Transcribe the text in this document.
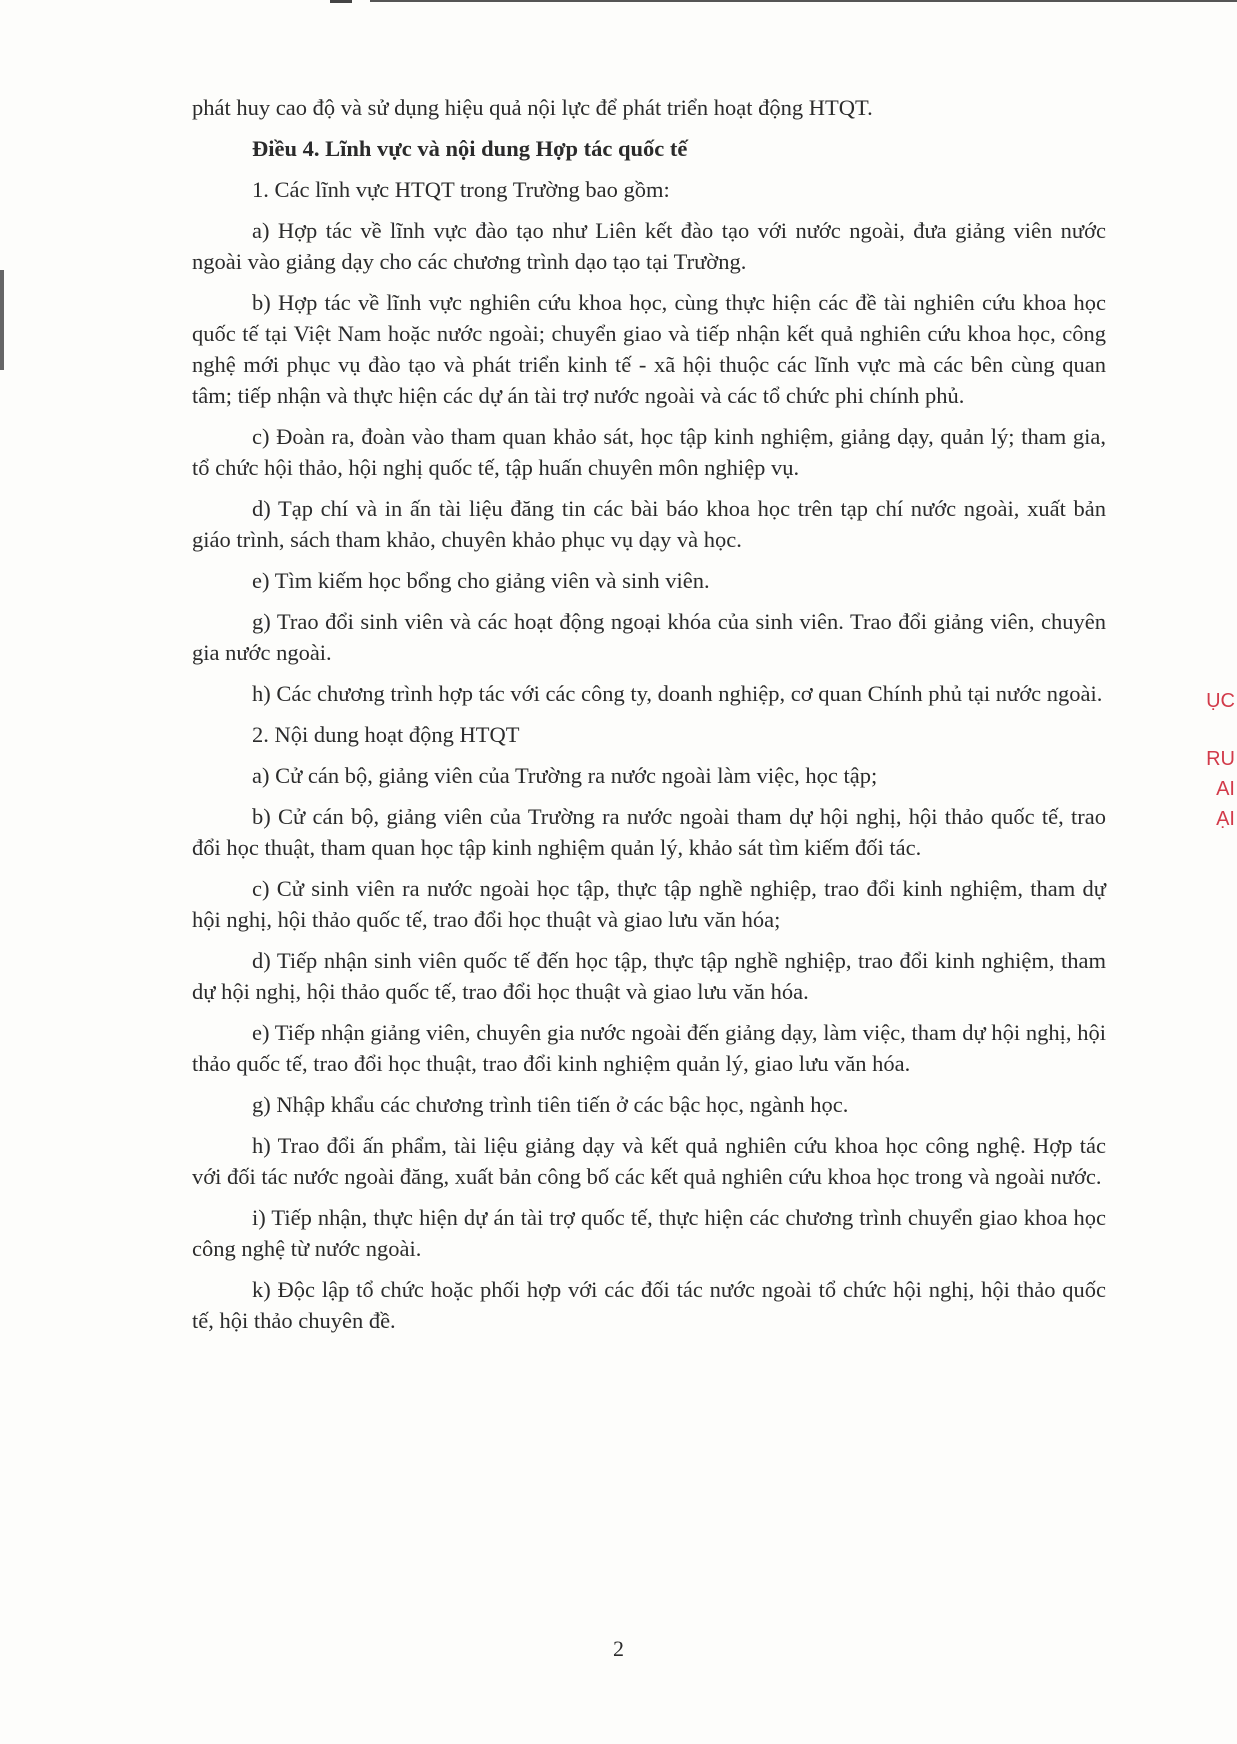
phát huy cao độ và sử dụng hiệu quả nội lực để phát triển hoạt động HTQT.

Điều 4. Lĩnh vực và nội dung Hợp tác quốc tế

1. Các lĩnh vực HTQT trong Trường bao gồm:

a) Hợp tác về lĩnh vực đào tạo như Liên kết đào tạo với nước ngoài, đưa giảng viên nước ngoài vào giảng dạy cho các chương trình dạo tạo tại Trường.

b) Hợp tác về lĩnh vực nghiên cứu khoa học, cùng thực hiện các đề tài nghiên cứu khoa học quốc tế tại Việt Nam hoặc nước ngoài; chuyển giao và tiếp nhận kết quả nghiên cứu khoa học, công nghệ mới phục vụ đào tạo và phát triển kinh tế - xã hội thuộc các lĩnh vực mà các bên cùng quan tâm; tiếp nhận và thực hiện các dự án tài trợ nước ngoài và các tổ chức phi chính phủ.

c) Đoàn ra, đoàn vào tham quan khảo sát, học tập kinh nghiệm, giảng dạy, quản lý; tham gia, tổ chức hội thảo, hội nghị quốc tế, tập huấn chuyên môn nghiệp vụ.

d) Tạp chí và in ấn tài liệu đăng tin các bài báo khoa học trên tạp chí nước ngoài, xuất bản giáo trình, sách tham khảo, chuyên khảo phục vụ dạy và học.

e) Tìm kiếm học bổng cho giảng viên và sinh viên.

g) Trao đổi sinh viên và các hoạt động ngoại khóa của sinh viên. Trao đổi giảng viên, chuyên gia nước ngoài.

h) Các chương trình hợp tác với các công ty, doanh nghiệp, cơ quan Chính phủ tại nước ngoài.

2. Nội dung hoạt động HTQT

a) Cử cán bộ, giảng viên của Trường ra nước ngoài làm việc, học tập;

b) Cử cán bộ, giảng viên của Trường ra nước ngoài tham dự hội nghị, hội thảo quốc tế, trao đổi học thuật, tham quan học tập kinh nghiệm quản lý, khảo sát tìm kiếm đối tác.

c) Cử sinh viên ra nước ngoài học tập, thực tập nghề nghiệp, trao đổi kinh nghiệm, tham dự hội nghị, hội thảo quốc tế, trao đổi học thuật và giao lưu văn hóa;

d) Tiếp nhận sinh viên quốc tế đến học tập, thực tập nghề nghiệp, trao đổi kinh nghiệm, tham dự hội nghị, hội thảo quốc tế, trao đổi học thuật và giao lưu văn hóa.

e) Tiếp nhận giảng viên, chuyên gia nước ngoài đến giảng dạy, làm việc, tham dự hội nghị, hội thảo quốc tế, trao đổi học thuật, trao đổi kinh nghiệm quản lý, giao lưu văn hóa.

g) Nhập khẩu các chương trình tiên tiến ở các bậc học, ngành học.

h) Trao đổi ấn phẩm, tài liệu giảng dạy và kết quả nghiên cứu khoa học công nghệ. Hợp tác với đối tác nước ngoài đăng, xuất bản công bố các kết quả nghiên cứu khoa học trong và ngoài nước.

i) Tiếp nhận, thực hiện dự án tài trợ quốc tế, thực hiện các chương trình chuyển giao khoa học công nghệ từ nước ngoài.

k) Độc lập tổ chức hoặc phối hợp với các đối tác nước ngoài tổ chức hội nghị, hội thảo quốc tế, hội thảo chuyên đề.

2
ỤC
RU
AI
ẠI
